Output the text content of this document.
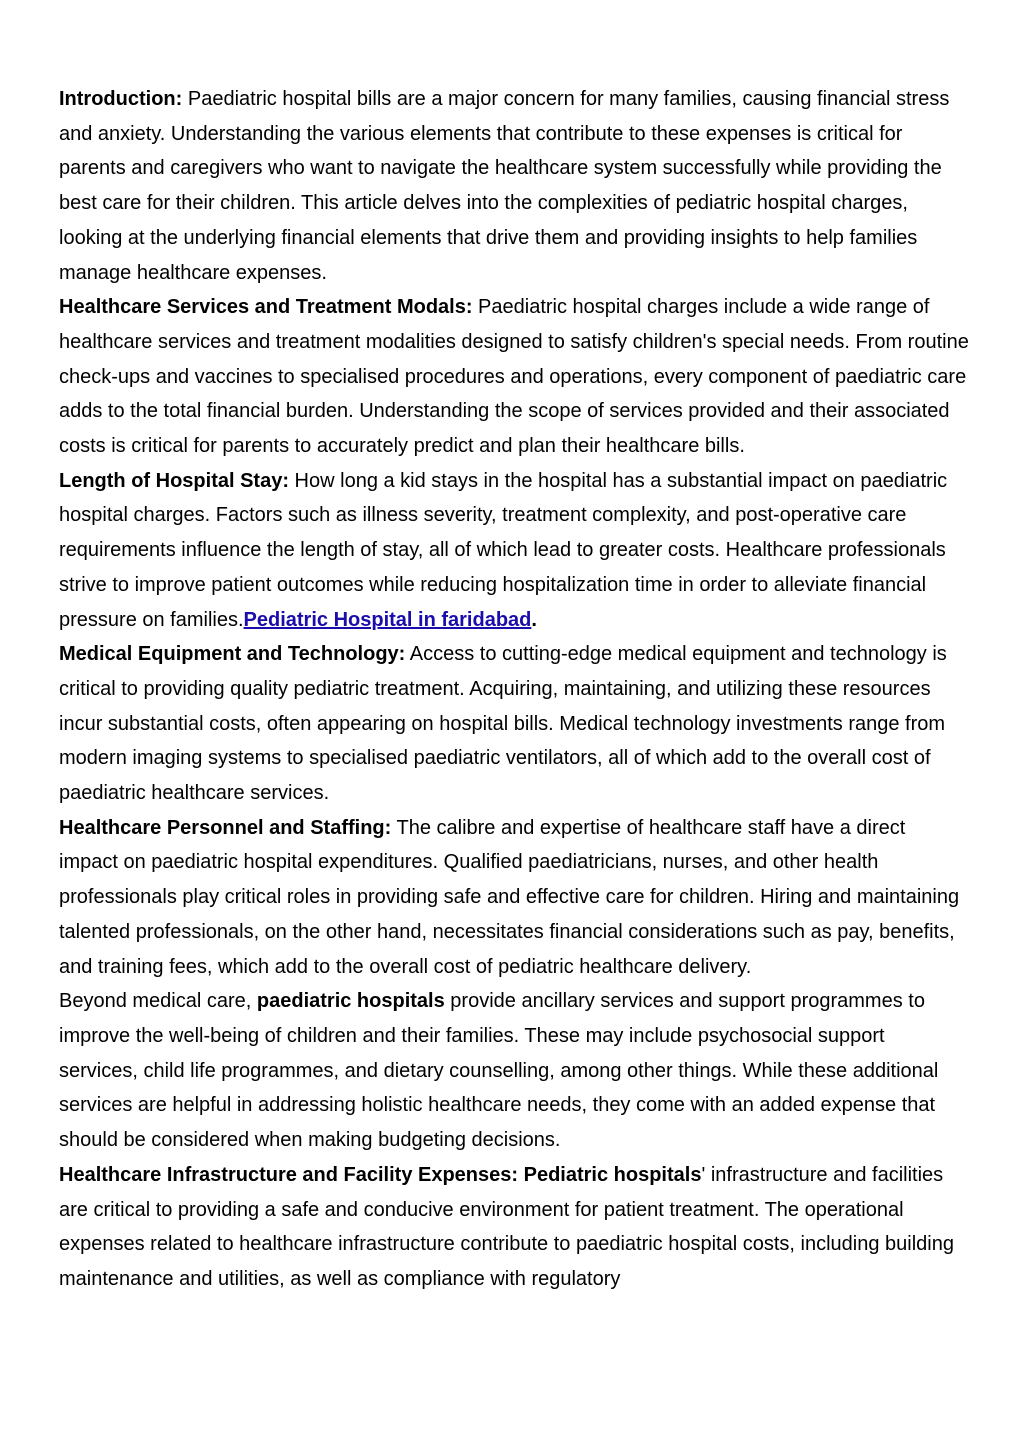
Introduction: Paediatric hospital bills are a major concern for many families, causing financial stress and anxiety. Understanding the various elements that contribute to these expenses is critical for parents and caregivers who want to navigate the healthcare system successfully while providing the best care for their children. This article delves into the complexities of pediatric hospital charges, looking at the underlying financial elements that drive them and providing insights to help families manage healthcare expenses.

Healthcare Services and Treatment Modals: Paediatric hospital charges include a wide range of healthcare services and treatment modalities designed to satisfy children's special needs. From routine check-ups and vaccines to specialised procedures and operations, every component of paediatric care adds to the total financial burden. Understanding the scope of services provided and their associated costs is critical for parents to accurately predict and plan their healthcare bills.

Length of Hospital Stay: How long a kid stays in the hospital has a substantial impact on paediatric hospital charges. Factors such as illness severity, treatment complexity, and post-operative care requirements influence the length of stay, all of which lead to greater costs. Healthcare professionals strive to improve patient outcomes while reducing hospitalization time in order to alleviate financial pressure on families.Pediatric Hospital in faridabad.

Medical Equipment and Technology: Access to cutting-edge medical equipment and technology is critical to providing quality pediatric treatment. Acquiring, maintaining, and utilizing these resources incur substantial costs, often appearing on hospital bills. Medical technology investments range from modern imaging systems to specialised paediatric ventilators, all of which add to the overall cost of paediatric healthcare services.

Healthcare Personnel and Staffing: The calibre and expertise of healthcare staff have a direct impact on paediatric hospital expenditures. Qualified paediatricians, nurses, and other health professionals play critical roles in providing safe and effective care for children. Hiring and maintaining talented professionals, on the other hand, necessitates financial considerations such as pay, benefits, and training fees, which add to the overall cost of pediatric healthcare delivery.

Beyond medical care, paediatric hospitals provide ancillary services and support programmes to improve the well-being of children and their families. These may include psychosocial support services, child life programmes, and dietary counselling, among other things. While these additional services are helpful in addressing holistic healthcare needs, they come with an added expense that should be considered when making budgeting decisions.

Healthcare Infrastructure and Facility Expenses: Pediatric hospitals' infrastructure and facilities are critical to providing a safe and conducive environment for patient treatment. The operational expenses related to healthcare infrastructure contribute to paediatric hospital costs, including building maintenance and utilities, as well as compliance with regulatory
